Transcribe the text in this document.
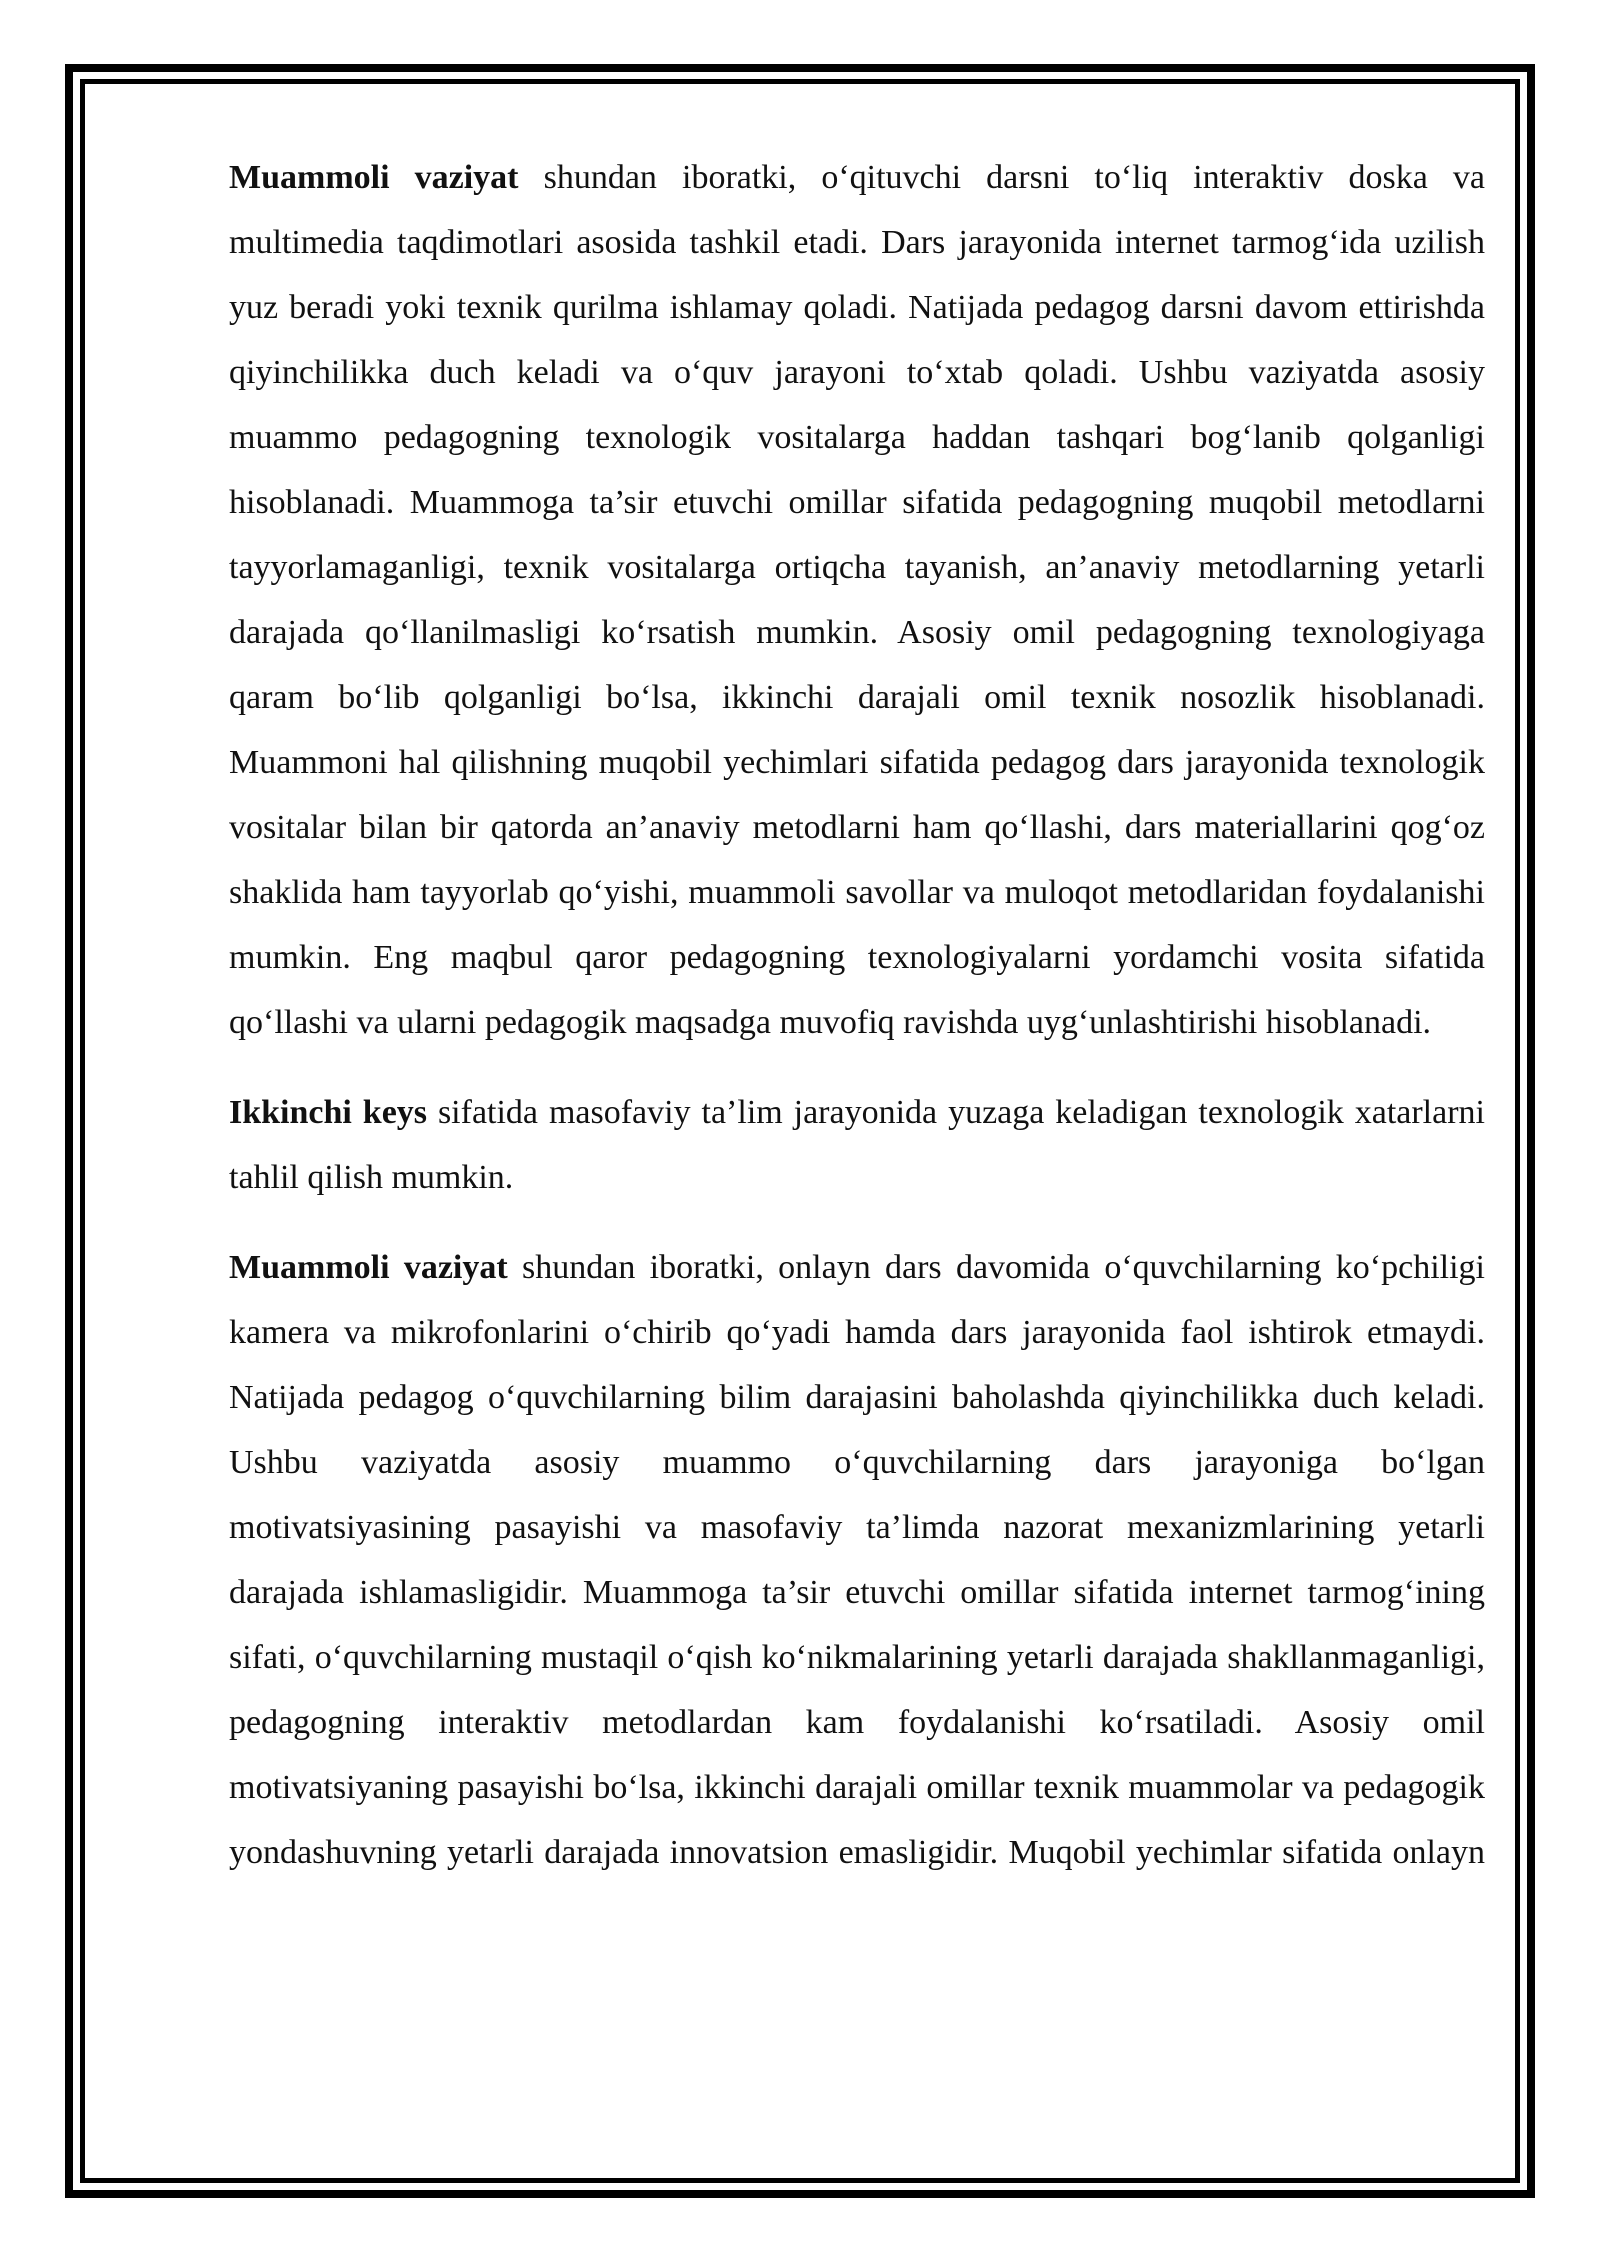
Muammoli vaziyat shundan iboratki, o‘qituvchi darsni to‘liq interaktiv doska va multimedia taqdimotlari asosida tashkil etadi. Dars jarayonida internet tarmog‘ida uzilish yuz beradi yoki texnik qurilma ishlamay qoladi. Natijada pedagog darsni davom ettirishda qiyinchilikka duch keladi va o‘quv jarayoni to‘xtab qoladi. Ushbu vaziyatda asosiy muammo pedagogning texnologik vositalarga haddan tashqari bog‘lanib qolganligi hisoblanadi. Muammoga ta’sir etuvchi omillar sifatida pedagogning muqobil metodlarni tayyorlamaganligi, texnik vositalarga ortiqcha tayanish, an’anaviy metodlarning yetarli darajada qo‘llanilmasligi ko‘rsatish mumkin. Asosiy omil pedagogning texnologiyaga qaram bo‘lib qolganligi bo‘lsa, ikkinchi darajali omil texnik nosozlik hisoblanadi. Muammoni hal qilishning muqobil yechimlari sifatida pedagog dars jarayonida texnologik vositalar bilan bir qatorda an’anaviy metodlarni ham qo‘llashi, dars materiallarini qog‘oz shaklida ham tayyorlab qo‘yishi, muammoli savollar va muloqot metodlaridan foydalanishi mumkin. Eng maqbul qaror pedagogning texnologiyalarni yordamchi vosita sifatida qo‘llashi va ularni pedagogik maqsadga muvofiq ravishda uyg‘unlashtirishi hisoblanadi.

Ikkinchi keys sifatida masofaviy ta’lim jarayonida yuzaga keladigan texnologik xatarlarni tahlil qilish mumkin.

Muammoli vaziyat shundan iboratki, onlayn dars davomida o‘quvchilarning ko‘pchiligi kamera va mikrofonlarini o‘chirib qo‘yadi hamda dars jarayonida faol ishtirok etmaydi. Natijada pedagog o‘quvchilarning bilim darajasini baholashda qiyinchilikka duch keladi. Ushbu vaziyatda asosiy muammo o‘quvchilarning dars jarayoniga bo‘lgan motivatsiyasining pasayishi va masofaviy ta’limda nazorat mexanizmlarining yetarli darajada ishlamasligidir. Muammoga ta’sir etuvchi omillar sifatida internet tarmog‘ining sifati, o‘quvchilarning mustaqil o‘qish ko‘nikmalarining yetarli darajada shakllanmaganligi, pedagogning interaktiv metodlardan kam foydalanishi ko‘rsatiladi. Asosiy omil motivatsiyaning pasayishi bo‘lsa, ikkinchi darajali omillar texnik muammolar va pedagogik yondashuvning yetarli darajada innovatsion emasligidir. Muqobil yechimlar sifatida onlayn
